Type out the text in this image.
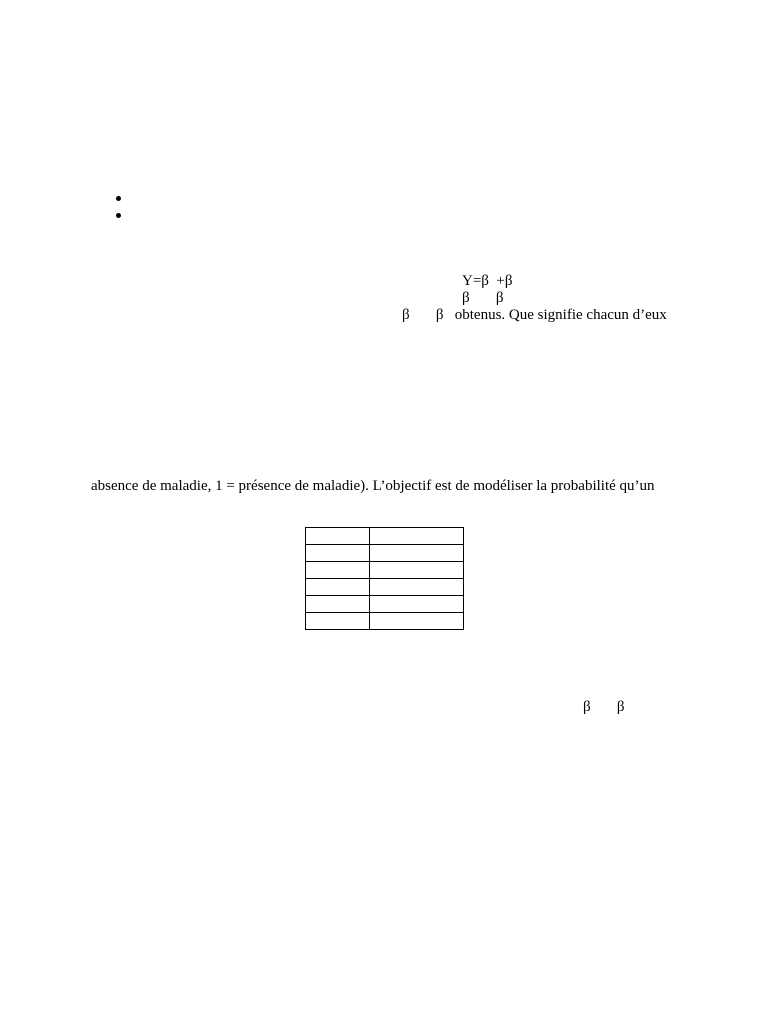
Y=β  +β
β       β
β       β   obtenus. Que signifie chacun d’eux
absence de maladie, 1 = présence de maladie). L’objectif est de modéliser la probabilité qu’un

β       β
